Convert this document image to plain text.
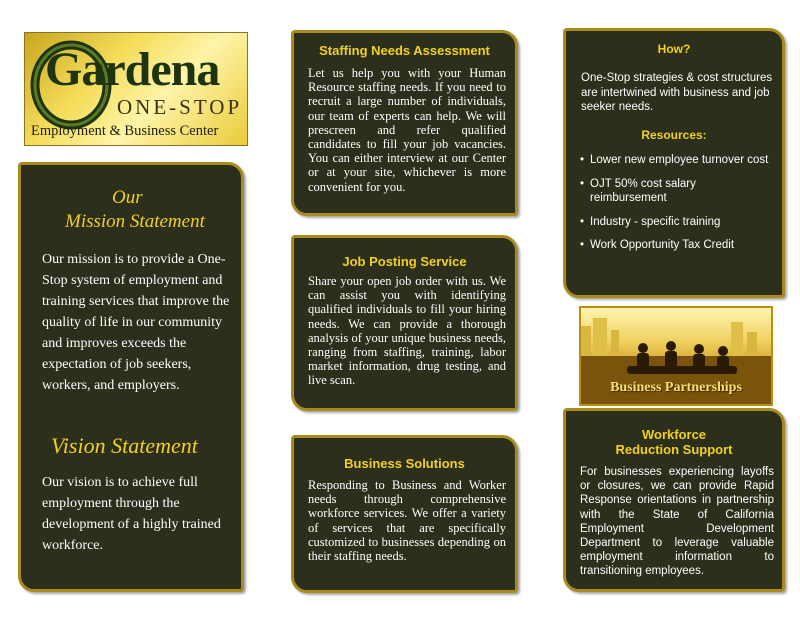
Gardena
ONE-STOP
Employment & Business Center
Our
Mission Statement
Our mission is to provide a One-Stop system of employment and training services that improve the quality of life in our community and improves exceeds the expectation of job seekers, workers, and employers.
Vision Statement
Our vision is to achieve full employment through the development of a highly trained workforce.
Staffing Needs Assessment
Let us help you with your Human Resource staffing needs. If you need to recruit a large number of individuals, our team of experts can help. We will prescreen and refer qualified candidates to fill your job vacancies. You can either interview at our Center or at your site, whichever is more convenient for you.
Job Posting Service
Share your open job order with us. We can assist you with identifying qualified individuals to fill your hiring needs. We can provide a thorough analysis of your unique business needs, ranging from staffing, training, labor market information, drug testing, and live scan.
Business Solutions
Responding to Business and Worker needs through comprehensive workforce services. We offer a variety of services that are specifically customized to businesses depending on their staffing needs.
How?
One-Stop strategies & cost structures are intertwined with business and job seeker needs.
Resources:
• Lower new employee turnover cost
• OJT 50% cost salary reimbursement
• Industry - specific training
• Work Opportunity Tax Credit
Business Partnerships
Workforce
Reduction Support
For businesses experiencing layoffs or closures, we can provide Rapid Response orientations in partnership with the State of California Employment Development Department to leverage valuable employment information to transitioning employees.
